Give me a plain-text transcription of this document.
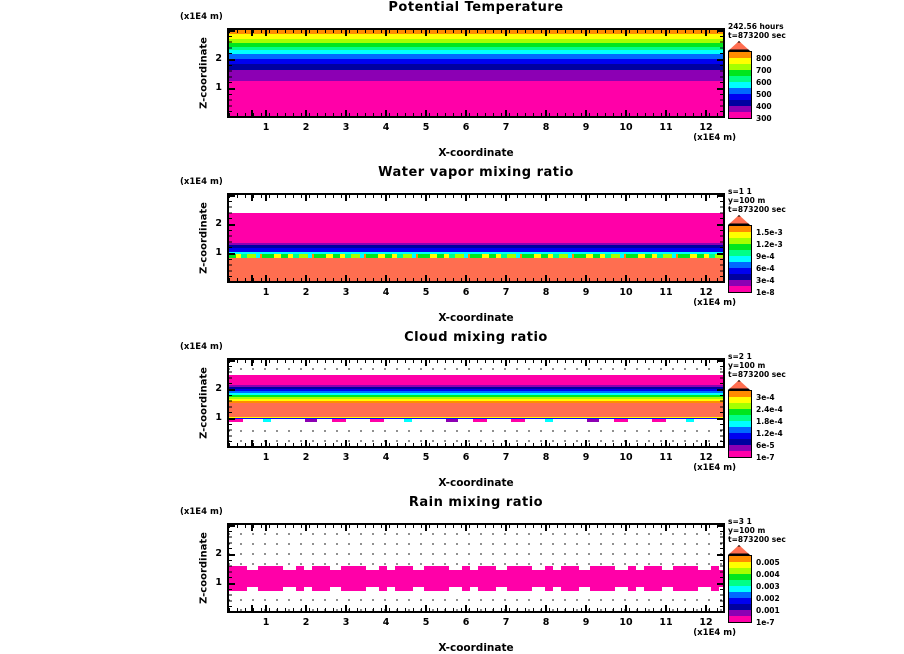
Potential Temperature
(x1E4 m)
Z-coordinate
242.56 hours
t=873200 sec
300
400
500
600
700
800
(x1E4 m)
X-coordinate
1	2	3	4	5	6	7	8	9	10	11	12
2
1
Water vapor mixing ratio
(x1E4 m)
Z-coordinate
s=1 1
y=100 m
t=873200 sec
1e-8
3e-4
6e-4
9e-4
1.2e-3
1.5e-3
(x1E4 m)
X-coordinate
1	2	3	4	5	6	7	8	9	10	11	12
2
1
Cloud mixing ratio
(x1E4 m)
Z-coordinate
s=2 1
y=100 m
t=873200 sec
1e-7
6e-5
1.2e-4
1.8e-4
2.4e-4
3e-4
(x1E4 m)
X-coordinate
1	2	3	4	5	6	7	8	9	10	11	12
2
1
Rain mixing ratio
(x1E4 m)
Z-coordinate
s=3 1
y=100 m
t=873200 sec
1e-7
0.001
0.002
0.003
0.004
0.005
(x1E4 m)
X-coordinate
1	2	3	4	5	6	7	8	9	10	11	12
2
1
